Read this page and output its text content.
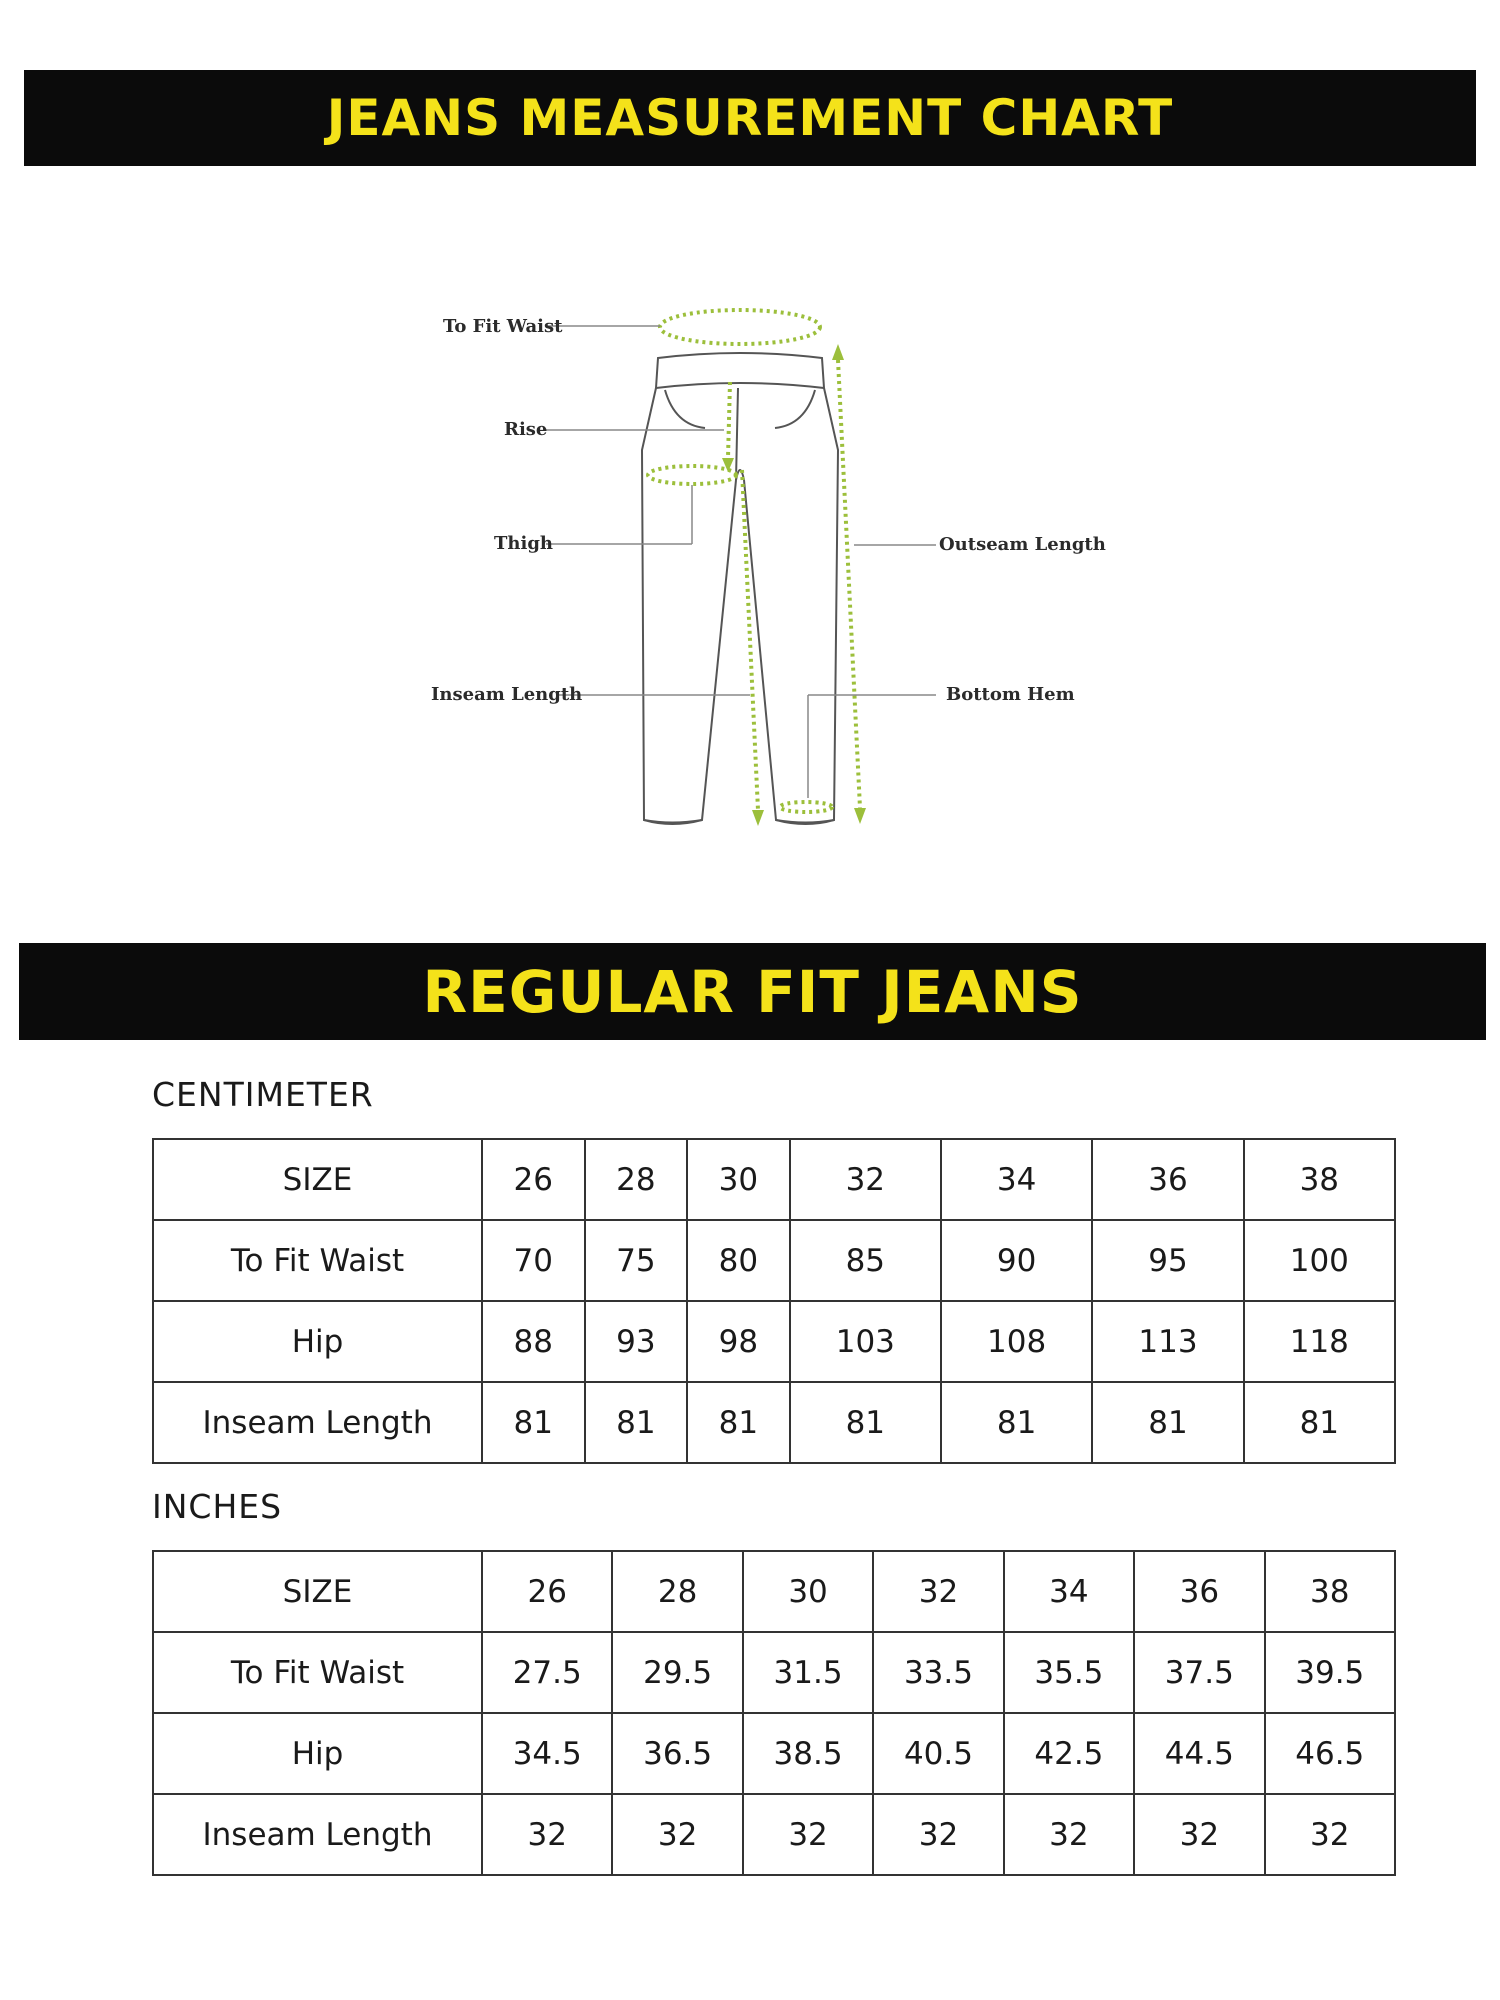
JEANS MEASUREMENT CHART
To Fit Waist
Rise
Thigh
Inseam Length
Outseam Length
Bottom Hem
REGULAR FIT JEANS
CENTIMETER
SIZE	26	28	30	32	34	36	38
To Fit Waist	70	75	80	85	90	95	100
Hip	88	93	98	103	108	113	118
Inseam Length	81	81	81	81	81	81	81
INCHES
SIZE	26	28	30	32	34	36	38
To Fit Waist	27.5	29.5	31.5	33.5	35.5	37.5	39.5
Hip	34.5	36.5	38.5	40.5	42.5	44.5	46.5
Inseam Length	32	32	32	32	32	32	32
